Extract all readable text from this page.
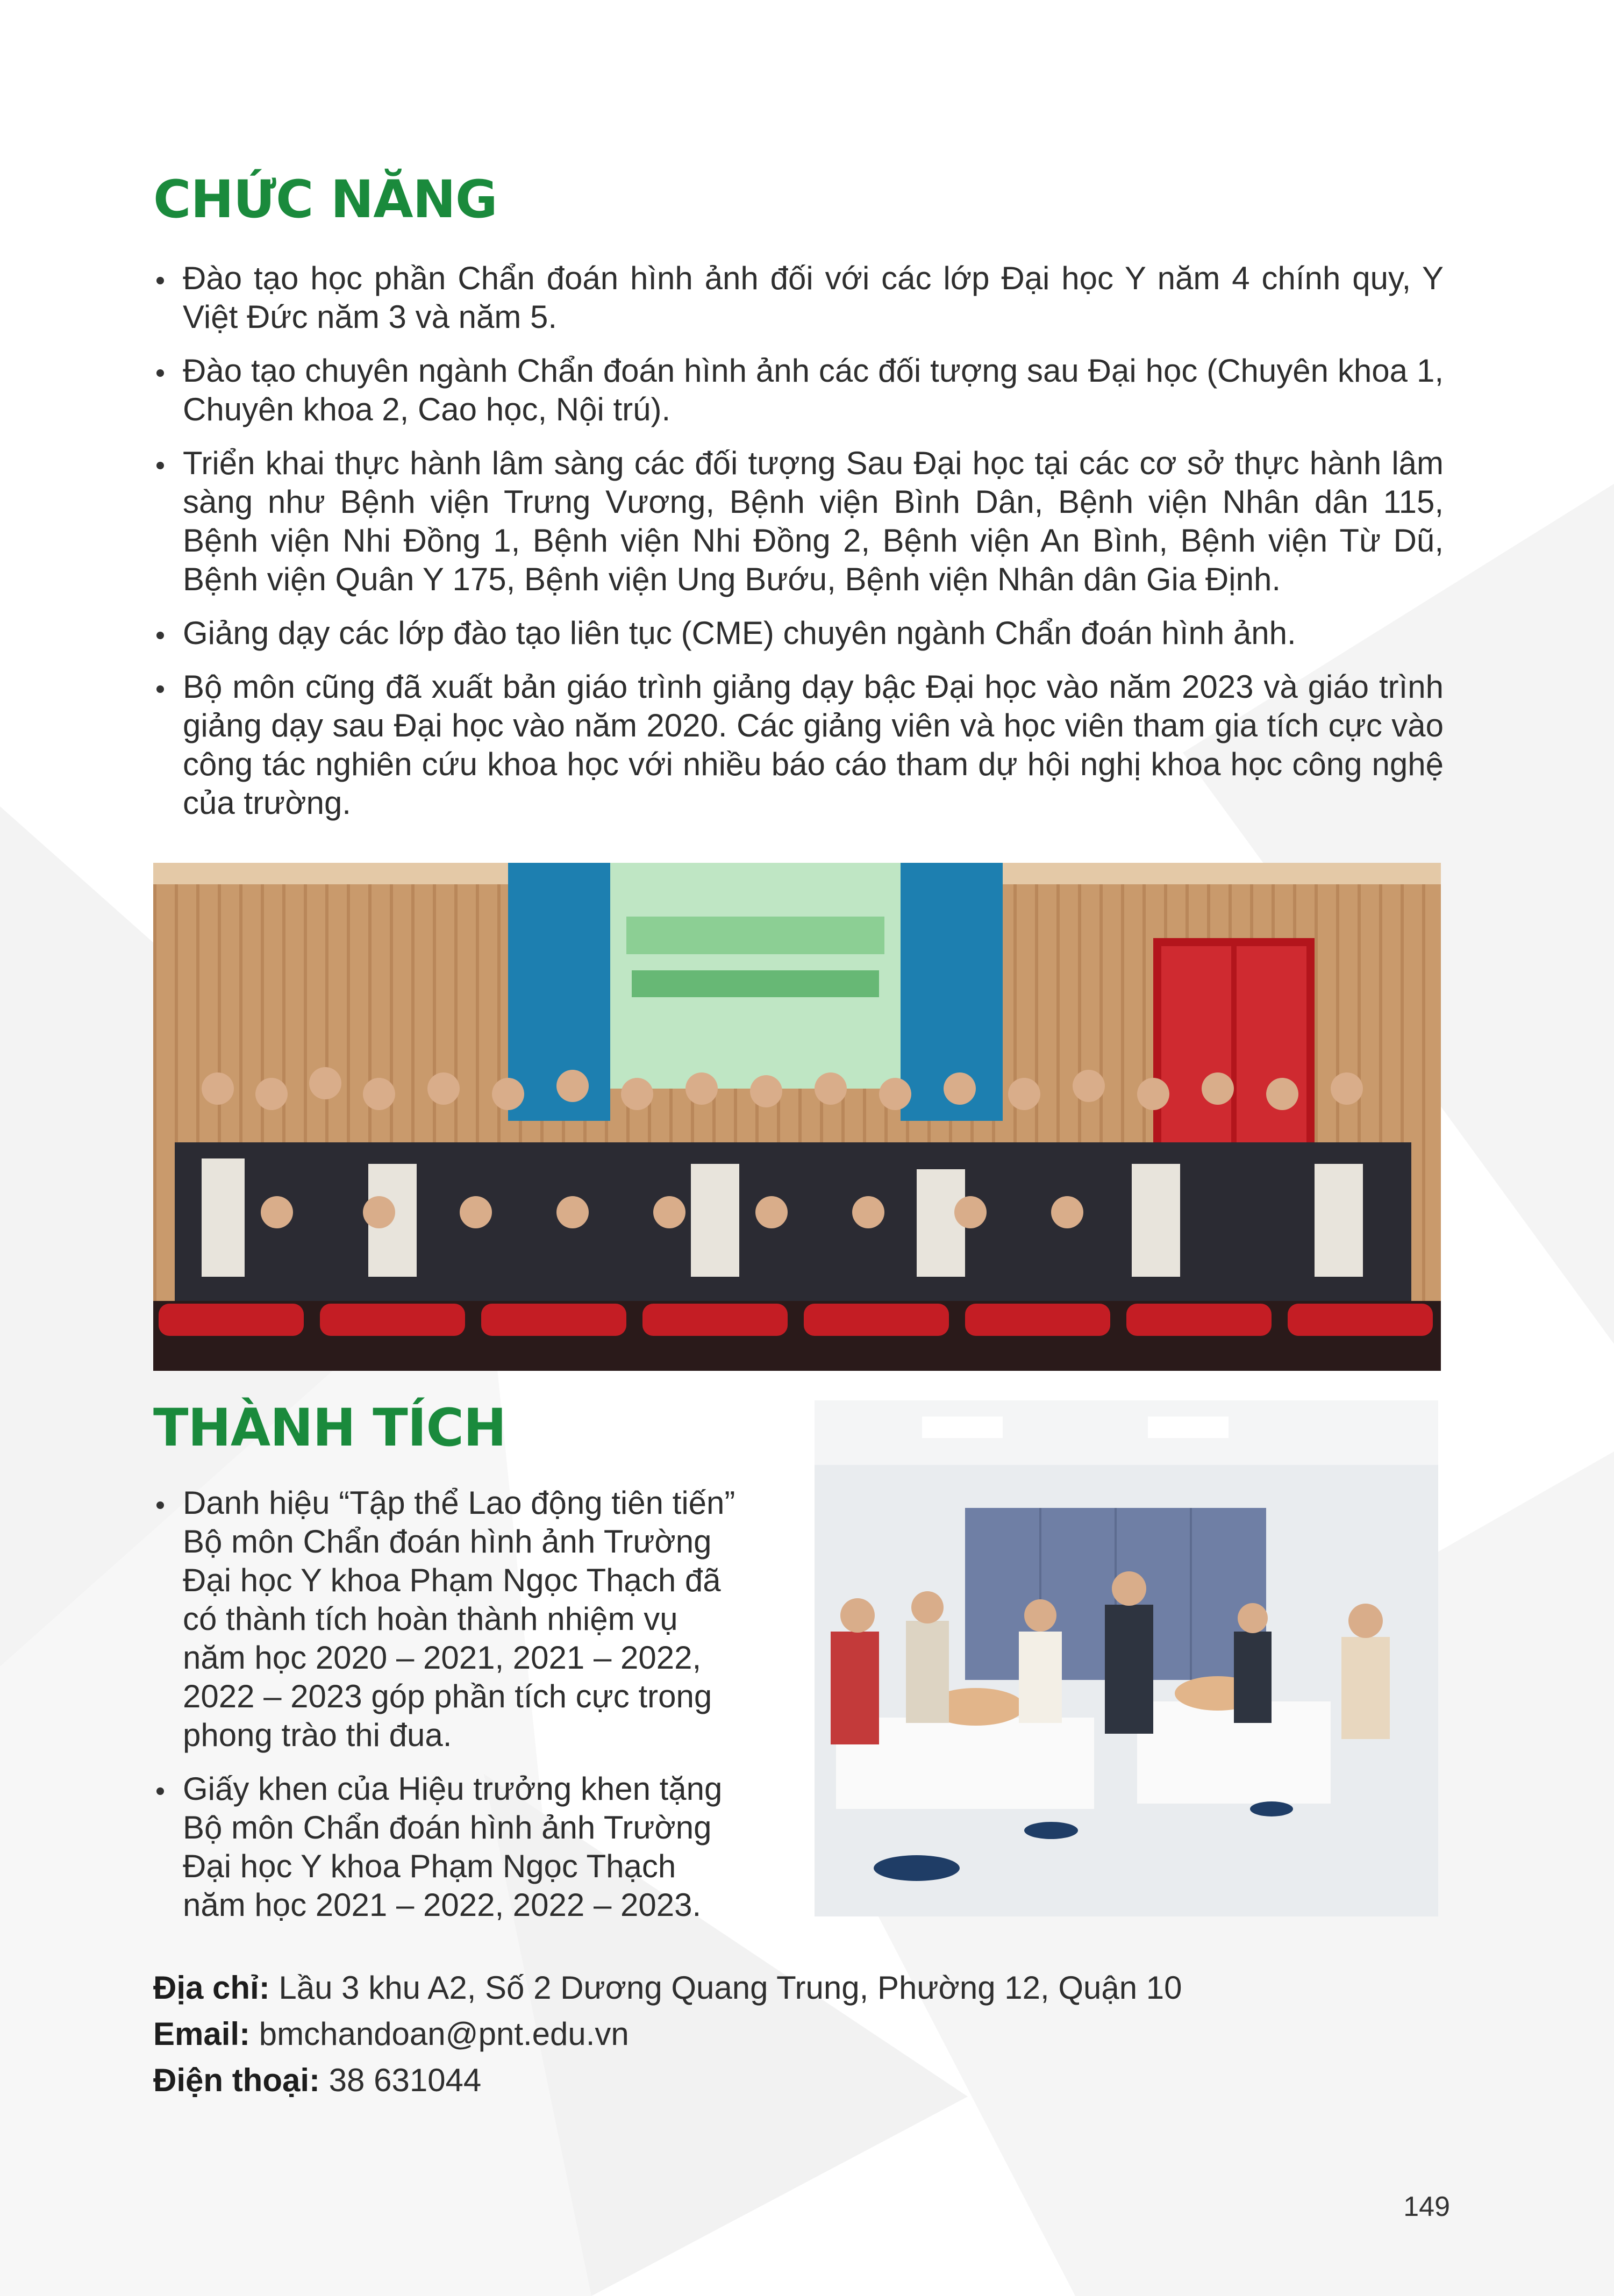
CHỨC NĂNG
Đào tạo học phần Chẩn đoán hình ảnh đối với các lớp Đại học Y năm 4 chính quy, Y Việt Đức năm 3 và năm 5.
Đào tạo chuyên ngành Chẩn đoán hình ảnh các đối tượng sau Đại học (Chuyên khoa 1, Chuyên khoa 2, Cao học, Nội trú).
Triển khai thực hành lâm sàng các đối tượng Sau Đại học tại các cơ sở thực hành lâm sàng như Bệnh viện Trưng Vương, Bệnh viện Bình Dân, Bệnh viện Nhân dân 115, Bệnh viện Nhi Đồng 1, Bệnh viện Nhi Đồng 2, Bệnh viện An Bình, Bệnh viện Từ Dũ, Bệnh viện Quân Y 175, Bệnh viện Ung Bướu, Bệnh viện Nhân dân Gia Định.
Giảng dạy các lớp đào tạo liên tục (CME) chuyên ngành Chẩn đoán hình ảnh.
Bộ môn cũng đã xuất bản giáo trình giảng dạy bậc Đại học vào năm 2023 và giáo trình giảng dạy sau Đại học vào năm 2020. Các giảng viên và học viên tham gia tích cực vào công tác nghiên cứu khoa học với nhiều báo cáo tham dự hội nghị khoa học công nghệ của trường.
THÀNH TÍCH
Danh hiệu “Tập thể Lao động tiên tiến” Bộ môn Chẩn đoán hình ảnh Trường Đại học Y khoa Phạm Ngọc Thạch đã có thành tích hoàn thành nhiệm vụ năm học 2020 – 2021, 2021 – 2022, 2022 – 2023 góp phần tích cực trong phong trào thi đua.
Giấy khen của Hiệu trưởng khen tặng Bộ môn Chẩn đoán hình ảnh Trường Đại học Y khoa Phạm Ngọc Thạch năm học 2021 – 2022, 2022 – 2023.
Địa chỉ: Lầu 3 khu A2, Số 2 Dương Quang Trung, Phường 12, Quận 10
Email: bmchandoan@pnt.edu.vn
Điện thoại: 38 631044
149
